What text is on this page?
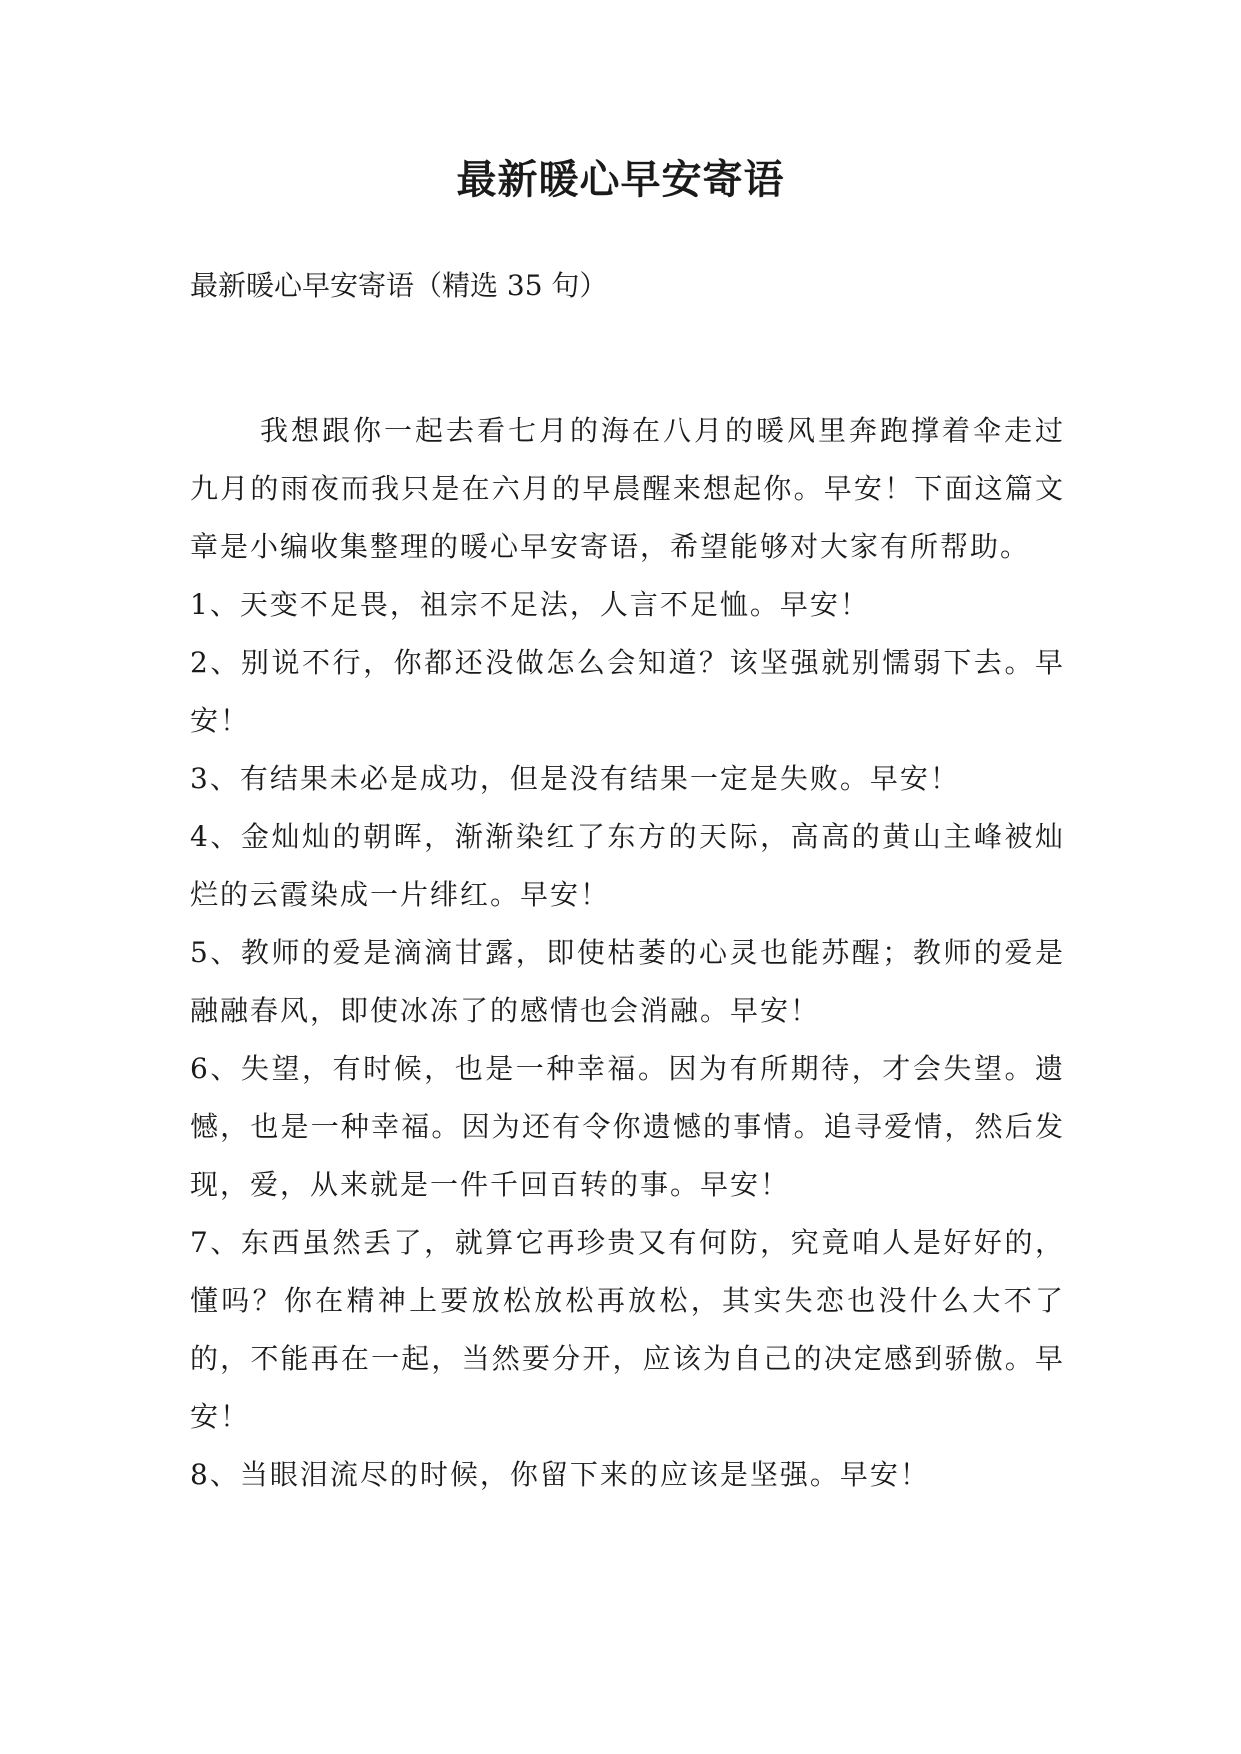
最新暖心早安寄语
最新暖心早安寄语（精选 35 句）

我想跟你一起去看七月的海在八月的暖风里奔跑撑着伞走过九月的雨夜而我只是在六月的早晨醒来想起你。早安！下面这篇文章是小编收集整理的暖心早安寄语，希望能够对大家有所帮助。

1、天变不足畏，祖宗不足法，人言不足恤。早安！

2、别说不行，你都还没做怎么会知道？该坚强就别懦弱下去。早安！

3、有结果未必是成功，但是没有结果一定是失败。早安！

4、金灿灿的朝晖，渐渐染红了东方的天际，高高的黄山主峰被灿烂的云霞染成一片绯红。早安！

5、教师的爱是滴滴甘露，即使枯萎的心灵也能苏醒；教师的爱是融融春风，即使冰冻了的感情也会消融。早安！

6、失望，有时候，也是一种幸福。因为有所期待，才会失望。遗憾，也是一种幸福。因为还有令你遗憾的事情。追寻爱情，然后发现，爱，从来就是一件千回百转的事。早安！

7、东西虽然丢了，就算它再珍贵又有何防，究竟咱人是好好的，懂吗？你在精神上要放松放松再放松，其实失恋也没什么大不了的，不能再在一起，当然要分开，应该为自己的决定感到骄傲。早安！

8、当眼泪流尽的时候，你留下来的应该是坚强。早安！
